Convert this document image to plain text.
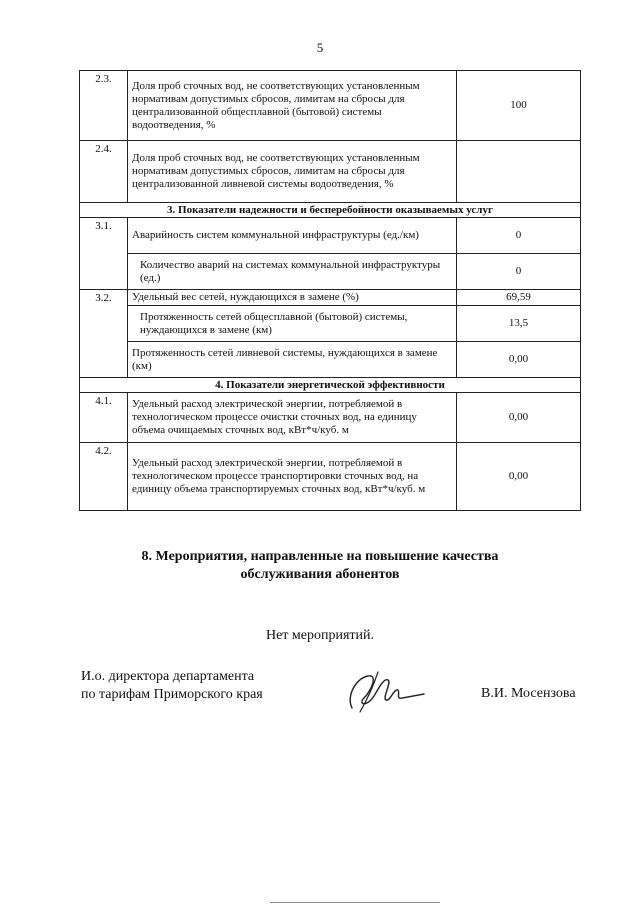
5
2.3.	Доля проб сточных вод, не соответствующих установленным нормативам допустимых сбросов, лимитам на сбросы для централизованной общесплавной (бытовой) системы водоотведения, %	100
2.4.	Доля проб сточных вод, не соответствующих установленным нормативам допустимых сбросов, лимитам на сбросы для централизованной ливневой системы водоотведения, %	
3. Показатели надежности и бесперебойности оказываемых услуг		
3.1.	Аварийность систем коммунальной инфраструктуры (ед./км)	0
	Количество аварий на системах коммунальной инфраструктуры (ед.)	0
3.2.	Удельный вес сетей, нуждающихся в замене (%)	69,59
	Протяженность сетей общесплавной (бытовой) системы, нуждающихся в замене (км)	13,5
	Протяженность сетей ливневой системы, нуждающихся в замене (км)	0,00
4. Показатели энергетической эффективности		
4.1.	Удельный расход электрической энергии, потребляемой в технологическом процессе очистки сточных вод, на единицу объема очищаемых сточных вод, кВт*ч/куб. м	0,00
4.2.	Удельный расход электрической энергии, потребляемой в технологическом процессе транспортировки сточных вод, на единицу объема транспортируемых сточных вод, кВт*ч/куб. м	0,00
8. Мероприятия, направленные на повышение качества
обслуживания абонентов
Нет мероприятий.
И.о. директора департамента
по тарифам Приморского края	В.И. Мосензова
